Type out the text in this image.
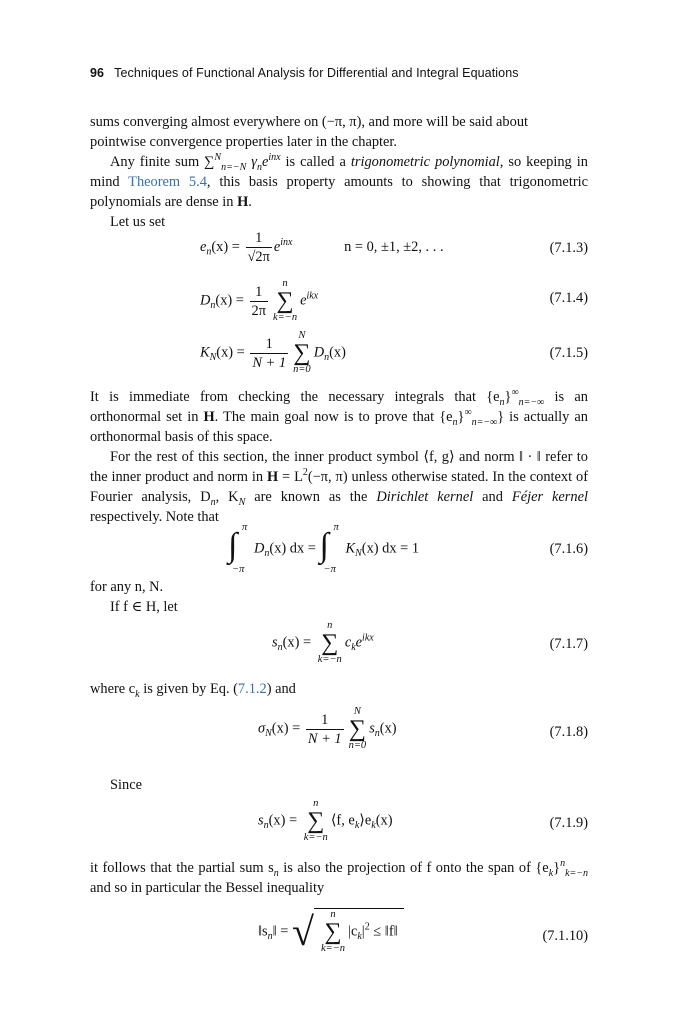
96 Techniques of Functional Analysis for Differential and Integral Equations

sums converging almost everywhere on (−π, π), and more will be said about

pointwise convergence properties later in the chapter.

Any finite sum ∑$^N_{n=-N}$ $\gamma_ne^{inx}$ is called a trigonometric polynomial, so keeping in mind Theorem 5.4, this basis property amounts to showing that trigonometric polynomials are dense in H.

Let us set

$e_n(x) = \frac{1}{√2\pi} e^{inx}$	n = 0, ±1, ±2, . . .	(7.1.3)
$D_n(x) = \frac{1}{2\pi}$	n
∑
k=−n
$e^{ikx}$	(7.1.4)
$K_N(x) = \frac{1}{N + 1}$ N
∑
n=0
$D_n(x)$	(7.1.5)

It is immediate from checking the necessary integrals that $\{e_n\}^\infty_{n=-\infty}$ is an orthonormal set in H. The main goal now is to prove that $\{e_n\}^\infty_{n=-\infty}$} is actually an orthonormal basis of this space.

For the rest of this section, the inner product symbol ⟨f, g⟩ and norm ‖ · ‖ refer to the inner product and norm in $H = L^2(-\pi$, π) unless otherwise stated. In the context of Fourier analysis, $D_n$, $K_N$ are known as the Dirichlet kernel and Féjer kernel respectively. Note that

∫ π
−π
$D_n(x)$ dx = ∫ π
−π
$K_N(x)$ dx = 1	(7.1.6)

for any n, N.

If f ∈ H, let

$s_n(x)$ =
n
∑
k=−n
$c_ke^{ikx}$	(7.1.7)

where $c_k$ is given by Eq. (7.1.2) and

$\sigma_N(x) = \frac{1}{N + 1}$ N
∑
n=0
$s_n(x)$	(7.1.8)

Since

$s_n(x)$ =
n
∑
k=−n
⟨f, $e_k⟩e_k(x)$	(7.1.9)

it follows that the partial sum $s_n$ is also the projection of f onto the span of $\{e_k\}^n_{k=-n}$ and so in particular the Bessel inequality

$‖s_n‖$ = √	n
∑
k=−n
$|c_k|^2$ ≤ ‖f‖	(7.1.10)
